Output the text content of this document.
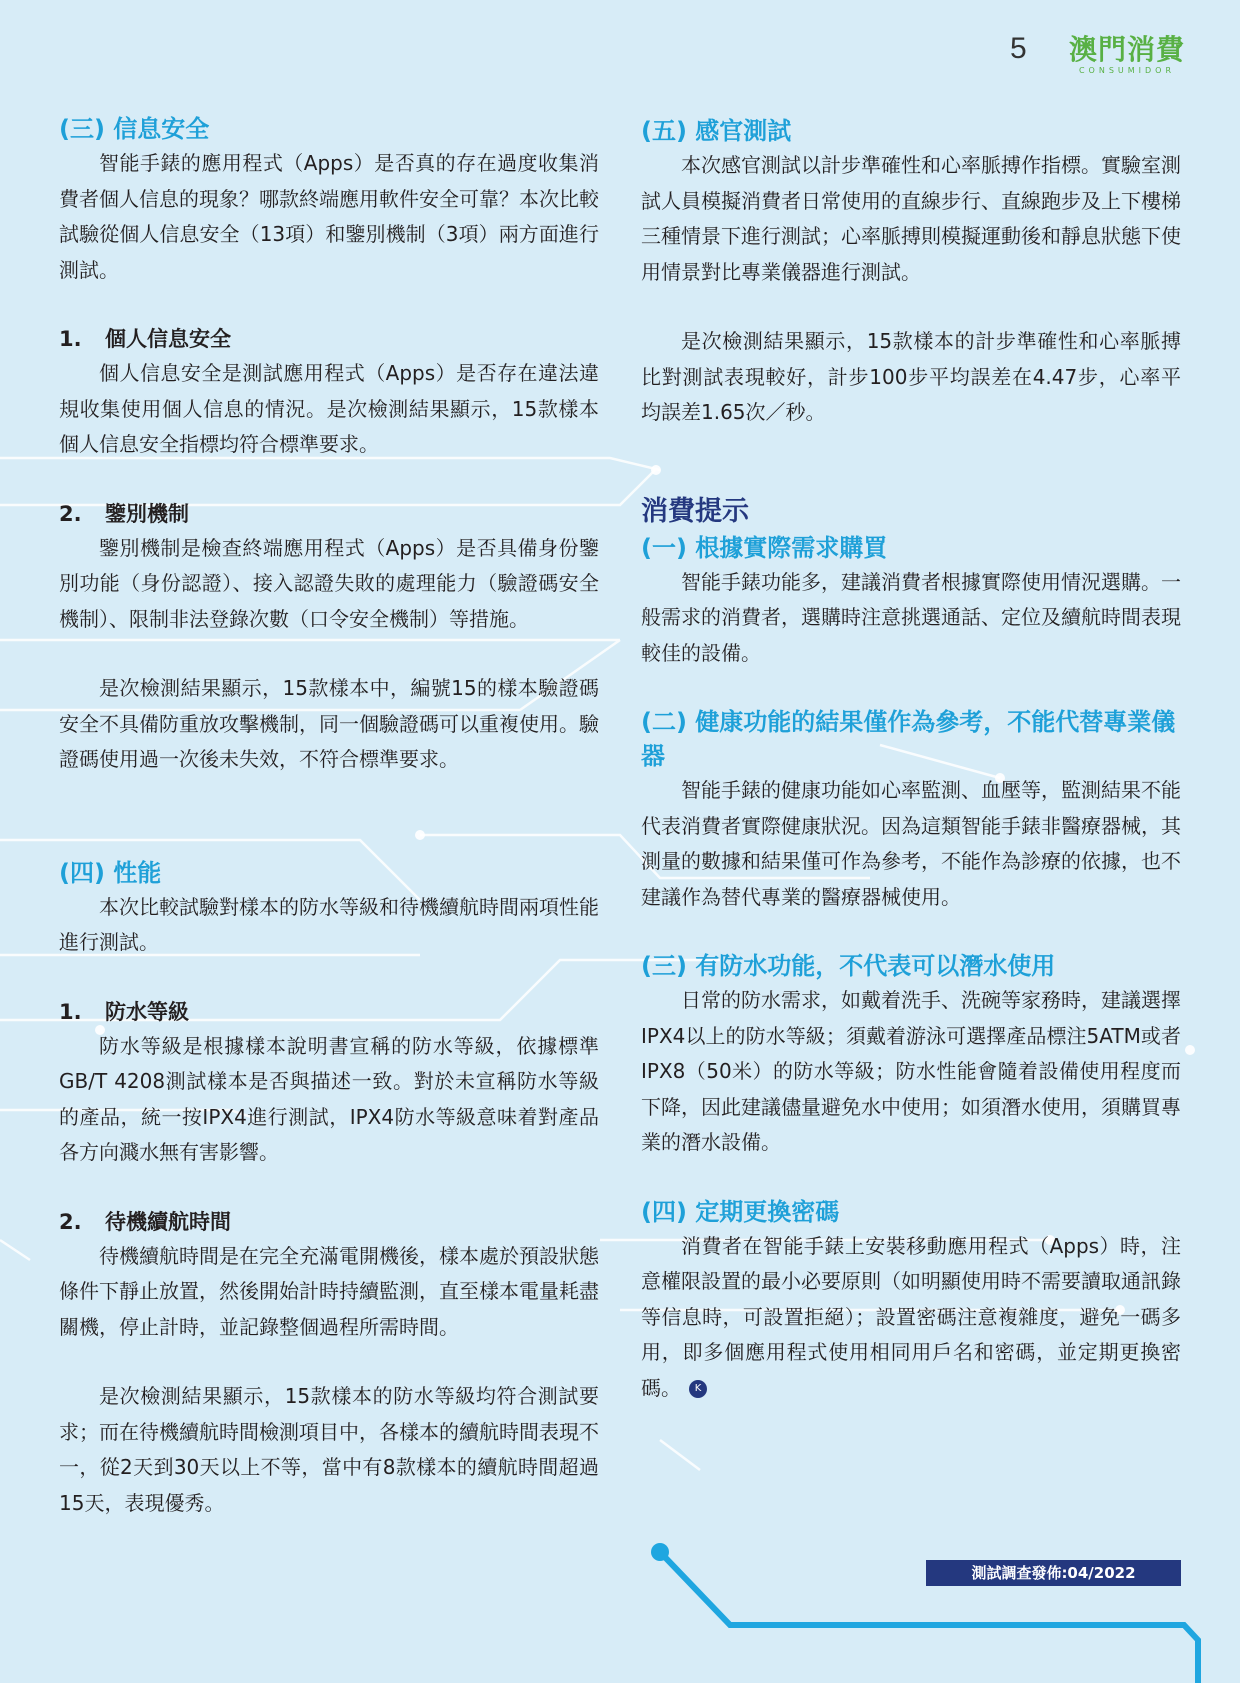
5 澳門消費
CONSUMIDOR
(三) 信息安全

智能手錶的應用程式（Apps）是否真的存在過度收集消費者個人信息的現象？哪款終端應用軟件安全可靠？本次比較試驗從個人信息安全（13項）和鑒別機制（3項）兩方面進行測試。

1. 個人信息安全

個人信息安全是測試應用程式（Apps）是否存在違法違規收集使用個人信息的情況。是次檢測結果顯示，15款樣本個人信息安全指標均符合標準要求。

2. 鑒別機制

鑒別機制是檢查終端應用程式（Apps）是否具備身份鑒別功能（身份認證）、接入認證失敗的處理能力（驗證碼安全機制）、限制非法登錄次數（口令安全機制）等措施。

是次檢測結果顯示，15款樣本中，編號15的樣本驗證碼安全不具備防重放攻擊機制，同一個驗證碼可以重複使用。驗證碼使用過一次後未失效，不符合標準要求。

(四) 性能

本次比較試驗對樣本的防水等級和待機續航時間兩項性能進行測試。

1. 防水等級

防水等級是根據樣本說明書宣稱的防水等級，依據標準GB/T 4208測試樣本是否與描述一致。對於未宣稱防水等級的產品，統一按IPX4進行測試，IPX4防水等級意味着對產品各方向濺水無有害影響。

2. 待機續航時間

待機續航時間是在完全充滿電開機後，樣本處於預設狀態條件下靜止放置，然後開始計時持續監測，直至樣本電量耗盡關機，停止計時，並記錄整個過程所需時間。

是次檢測結果顯示，15款樣本的防水等級均符合測試要求；而在待機續航時間檢測項目中，各樣本的續航時間表現不一，從2天到30天以上不等，當中有8款樣本的續航時間超過15天，表現優秀。

(五) 感官測試

本次感官測試以計步準確性和心率脈搏作指標。實驗室測試人員模擬消費者日常使用的直線步行、直線跑步及上下樓梯三種情景下進行測試；心率脈搏則模擬運動後和靜息狀態下使用情景對比專業儀器進行測試。

是次檢測結果顯示，15款樣本的計步準確性和心率脈搏比對測試表現較好，計步100步平均誤差在4.47步，心率平均誤差1.65次／秒。

消費提示
(一) 根據實際需求購買

智能手錶功能多，建議消費者根據實際使用情況選購。一般需求的消費者，選購時注意挑選通話、定位及續航時間表現較佳的設備。

(二) 健康功能的結果僅作為參考，不能代替專業儀器

智能手錶的健康功能如心率監測、血壓等，監測結果不能代表消費者實際健康狀況。因為這類智能手錶非醫療器械，其測量的數據和結果僅可作為參考，不能作為診療的依據，也不建議作為替代專業的醫療器械使用。

(三) 有防水功能，不代表可以潛水使用

日常的防水需求，如戴着洗手、洗碗等家務時，建議選擇IPX4以上的防水等級；須戴着游泳可選擇產品標注5ATM或者IPX8（50米）的防水等級；防水性能會隨着設備使用程度而下降，因此建議儘量避免水中使用；如須潛水使用，須購買專業的潛水設備。

(四) 定期更換密碼

消費者在智能手錶上安裝移動應用程式（Apps）時，注意權限設置的最小必要原則（如明顯使用時不需要讀取通訊錄等信息時，可設置拒絕）；設置密碼注意複雜度，避免一碼多用，即多個應用程式使用相同用戶名和密碼，並定期更換密碼。 K

測試調查發佈:04/2022
